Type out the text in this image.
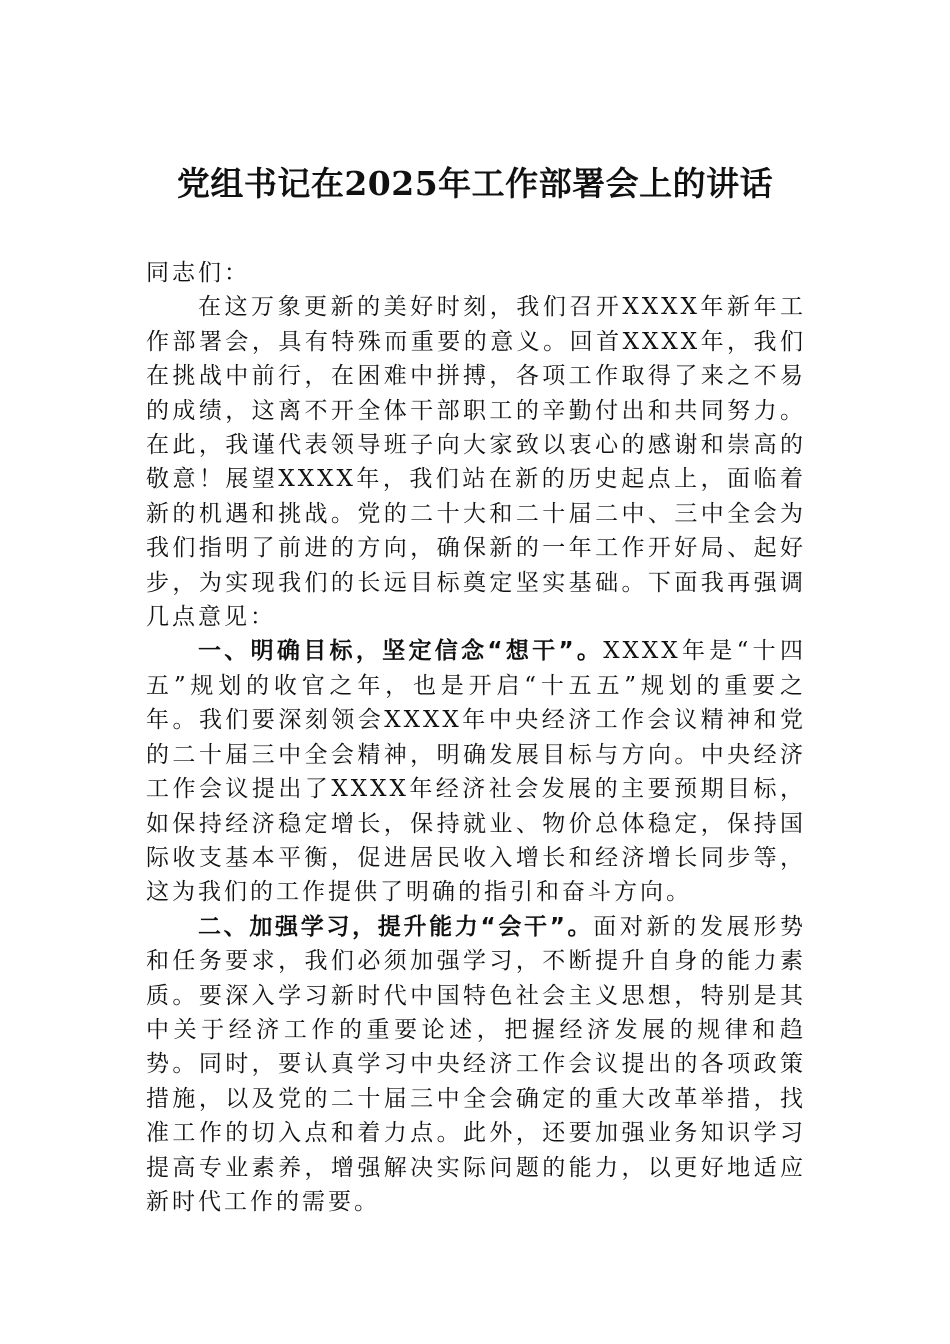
党组书记在2025年工作部署会上的讲话

同志们：

在这万象更新的美好时刻，我们召开XXXX年新年工作部署会，具有特殊而重要的意义。回首XXXX年，我们在挑战中前行，在困难中拼搏，各项工作取得了来之不易的成绩，这离不开全体干部职工的辛勤付出和共同努力。在此，我谨代表领导班子向大家致以衷心的感谢和崇高的敬意！展望XXXX年，我们站在新的历史起点上，面临着新的机遇和挑战。党的二十大和二十届二中、三中全会为我们指明了前进的方向，确保新的一年工作开好局、起好步，为实现我们的长远目标奠定坚实基础。下面我再强调几点意见：

一、明确目标，坚定信念“想干”。XXXX年是“十四五”规划的收官之年，也是开启“十五五”规划的重要之年。我们要深刻领会XXXX年中央经济工作会议精神和党的二十届三中全会精神，明确发展目标与方向。中央经济工作会议提出了XXXX年经济社会发展的主要预期目标，如保持经济稳定增长，保持就业、物价总体稳定，保持国际收支基本平衡，促进居民收入增长和经济增长同步等，这为我们的工作提供了明确的指引和奋斗方向。

二、加强学习，提升能力“会干”。面对新的发展形势和任务要求，我们必须加强学习，不断提升自身的能力素质。要深入学习新时代中国特色社会主义思想，特别是其中关于经济工作的重要论述，把握经济发展的规律和趋势。同时，要认真学习中央经济工作会议提出的各项政策措施，以及党的二十届三中全会确定的重大改革举措，找准工作的切入点和着力点。此外，还要加强业务知识学习提高专业素养，增强解决实际问题的能力，以更好地适应新时代工作的需要。
